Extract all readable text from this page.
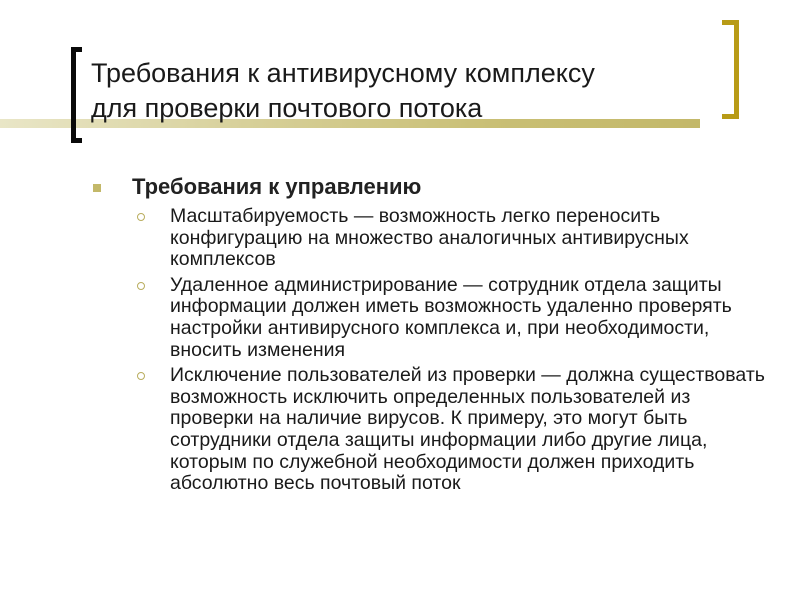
Требования к антивирусному комплексу
для проверки почтового потока
Требования к управлению
Масштабируемость — возможность легко переносить конфигурацию на множество аналогичных антивирусных комплексов
Удаленное администрирование — сотрудник отдела защиты информации должен иметь возможность удаленно проверять настройки антивирусного комплекса и, при необходимости, вносить изменения
Исключение пользователей из проверки — должна существовать возможность исключить определенных пользователей из проверки на наличие вирусов. К примеру, это могут быть сотрудники отдела защиты информации либо другие лица, которым по служебной необходимости должен приходить абсолютно весь почтовый поток
